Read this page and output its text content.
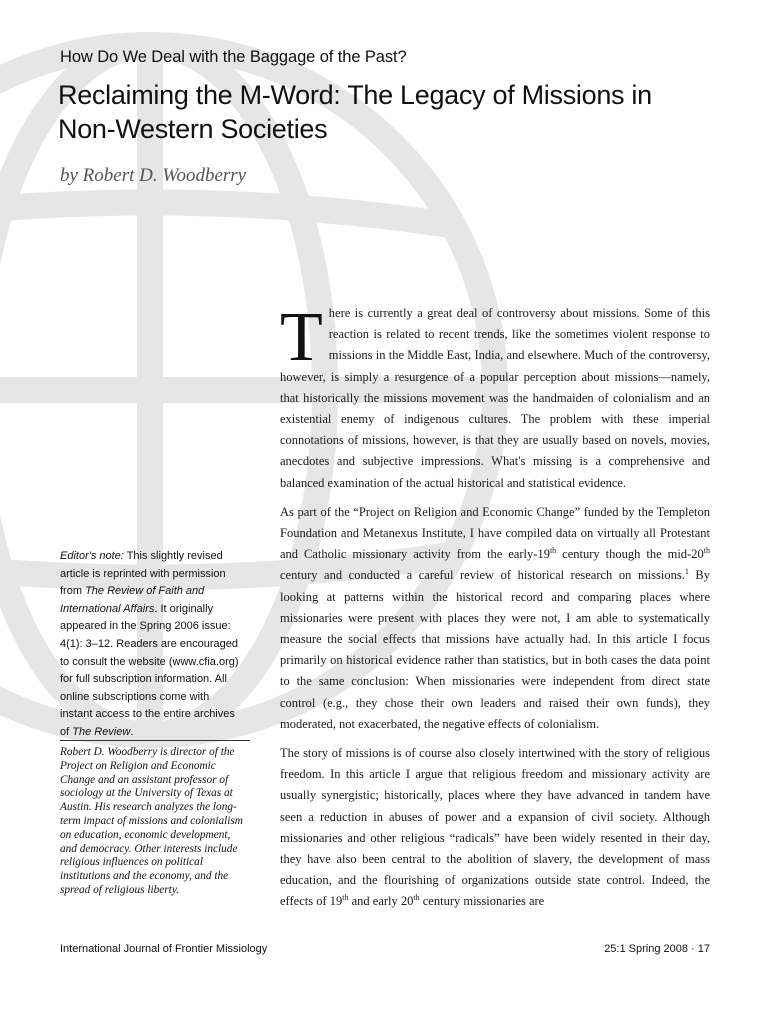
How Do We Deal with the Baggage of the Past?
Reclaiming the M-Word: The Legacy of Missions in Non-Western Societies
by Robert D. Woodberry

There is currently a great deal of controversy about missions. Some of this reaction is related to recent trends, like the sometimes violent response to missions in the Middle East, India, and elsewhere. Much of the controversy, however, is simply a resurgence of a popular perception about missions—namely, that historically the missions movement was the handmaiden of colonialism and an existential enemy of indigenous cultures. The problem with these imperial connotations of missions, however, is that they are usually based on novels, movies, anecdotes and subjective impressions. What's missing is a comprehensive and balanced examination of the actual historical and statistical evidence.

As part of the “Project on Religion and Economic Change” funded by the Templeton Foundation and Metanexus Institute, I have compiled data on virtually all Protestant and Catholic missionary activity from the early-19th century though the mid-20th century and conducted a careful review of historical research on missions.$^1$ By looking at patterns within the historical record and comparing places where missionaries were present with places they were not, I am able to systematically measure the social effects that missions have actually had. In this article I focus primarily on historical evidence rather than statistics, but in both cases the data point to the same conclusion: When missionaries were independent from direct state control (e.g., they chose their own leaders and raised their own funds), they moderated, not exacerbated, the negative effects of colonialism.

The story of missions is of course also closely intertwined with the story of religious freedom. In this article I argue that religious freedom and missionary activity are usually synergistic; historically, places where they have advanced in tandem have seen a reduction in abuses of power and a expansion of civil society. Although missionaries and other religious “radicals” have been widely resented in their day, they have also been central to the abolition of slavery, the development of mass education, and the flourishing of organizations outside state control. Indeed, the effects of 19th and early 20th century missionaries are

Editor's note: This slightly revised article is reprinted with permission from The Review of Faith and International Affairs. It originally appeared in the Spring 2006 issue: 4(1): 3–12. Readers are encouraged to consult the website (www.cfia.org) for full subscription information. All online subscriptions come with instant access to the entire archives of The Review.
Robert D. Woodberry is director of the Project on Religion and Economic Change and an assistant professor of sociology at the University of Texas at Austin. His research analyzes the long-term impact of missions and colonialism on education, economic development, and democracy. Other interests include religious influences on political institutions and the economy, and the spread of religious liberty.
International Journal of Frontier Missiology	25:1 Spring 2008 · 17
